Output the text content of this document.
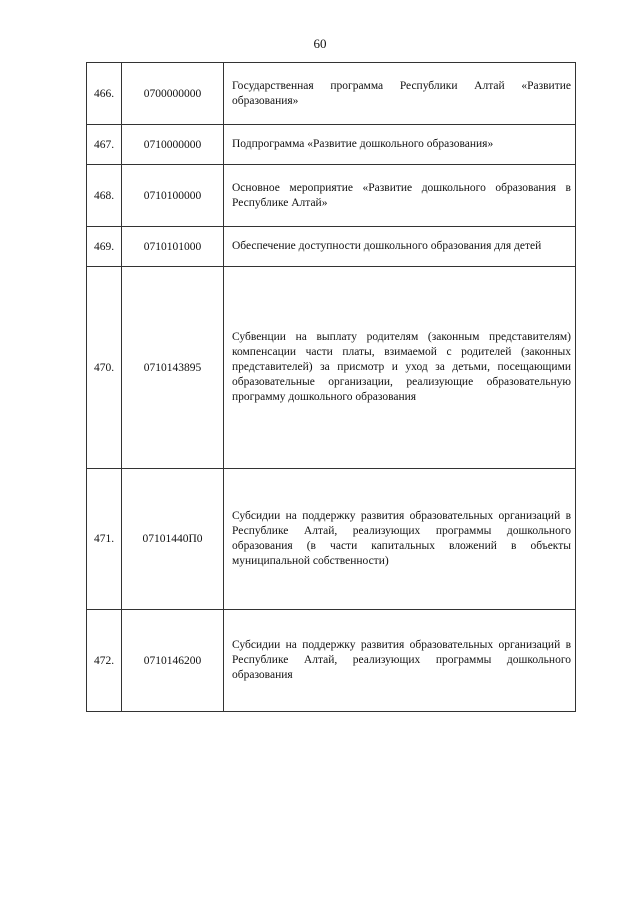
60
466.	0700000000	Государственная программа Республики Алтай «Развитие образования»
467.	0710000000	Подпрограмма «Развитие дошкольного образования»
468.	0710100000	Основное мероприятие «Развитие дошкольного образования в Республике Алтай»
469.	0710101000	Обеспечение доступности дошкольного образования для детей
470.	0710143895	Субвенции на выплату родителям (законным представителям) компенсации части платы, взимаемой с родителей (законных представителей) за присмотр и уход за детьми, посещающими образовательные организации, реализующие образовательную программу дошкольного образования
471.	07101440П0	Субсидии на поддержку развития образовательных организаций в Республике Алтай, реализующих программы дошкольного образования (в части капитальных вложений в объекты муниципальной собственности)
472.	0710146200	Субсидии на поддержку развития образовательных организаций в Республике Алтай, реализующих программы дошкольного образования
